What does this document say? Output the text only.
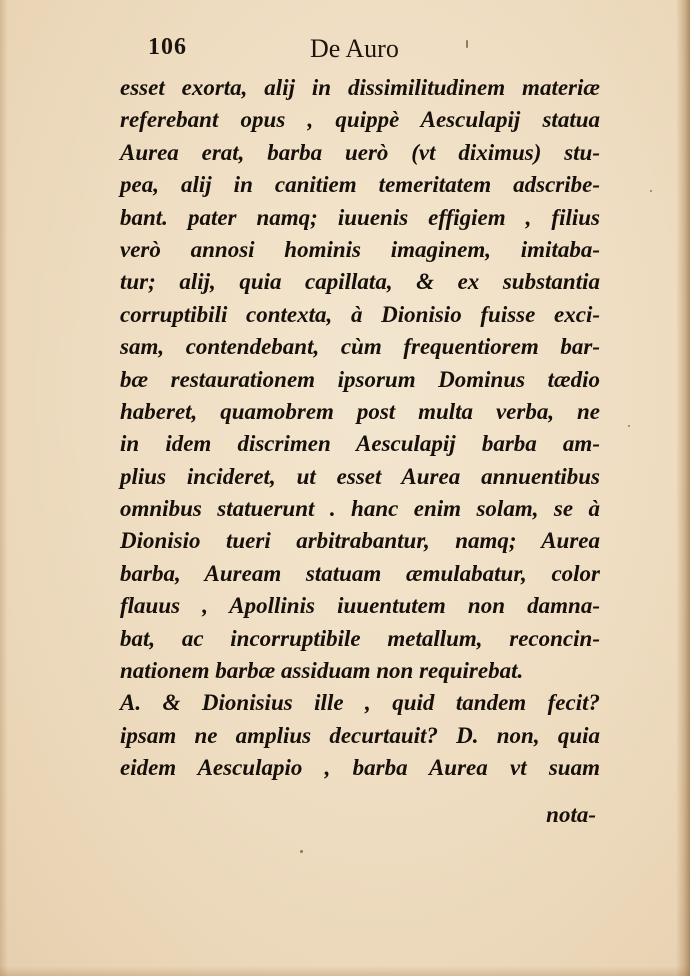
106	De Auro
esset exorta, alij in dissimilitudinem materiæ
referebant opus , quippè Aesculapij statua
Aurea erat, barba uerò (vt diximus) stu-
pea, alij in canitiem temeritatem adscribe-
bant. pater namq; iuuenis effigiem , filius
verò annosi hominis imaginem, imitaba-
tur; alij, quia capillata, & ex substantia
corruptibili contexta, à Dionisio fuisse exci-
sam, contendebant, cùm frequentiorem bar-
bæ restaurationem ipsorum Dominus tædio
haberet, quamobrem post multa verba, ne
in idem discrimen Aesculapij barba am-
plius incideret, ut esset Aurea annuentibus
omnibus statuerunt . hanc enim solam, se à
Dionisio tueri arbitrabantur, namq; Aurea
barba, Auream statuam æmulabatur, color
flauus , Apollinis iuuentutem non damna-
bat, ac incorruptibile metallum, reconcin-
nationem barbæ assiduam non requirebat.
A. & Dionisius ille , quid tandem fecit?
ipsam ne amplius decurtauit? D. non, quia
eidem Aesculapio , barba Aurea vt suam
nota-
